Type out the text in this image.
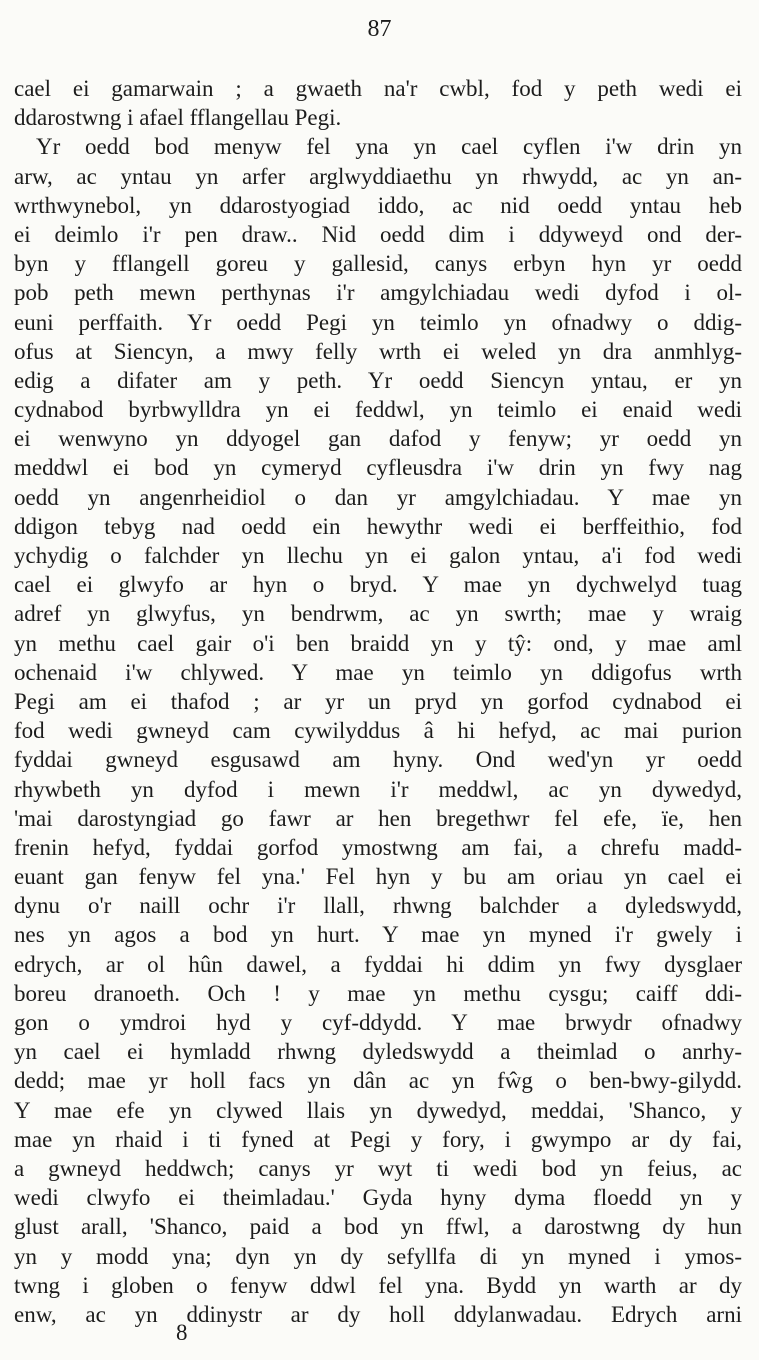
87
cael ei gamarwain ; a gwaeth na'r cwbl, fod y peth wedi ei
ddarostwng i afael fflangellau Pegi.
Yr oedd bod menyw fel yna yn cael cyflen i'w drin yn
arw, ac yntau yn arfer arglwyddiaethu yn rhwydd, ac yn an-
wrthwynebol, yn ddarostyogiad iddo, ac nid oedd yntau heb
ei deimlo i'r pen draw.. Nid oedd dim i ddyweyd ond der-
byn y fflangell goreu y gallesid, canys erbyn hyn yr oedd
pob peth mewn perthynas i'r amgylchiadau wedi dyfod i ol-
euni perffaith. Yr oedd Pegi yn teimlo yn ofnadwy o ddig-
ofus at Siencyn, a mwy felly wrth ei weled yn dra anmhlyg-
edig a difater am y peth. Yr oedd Siencyn yntau, er yn
cydnabod byrbwylldra yn ei feddwl, yn teimlo ei enaid wedi
ei wenwyno yn ddyogel gan dafod y fenyw; yr oedd yn
meddwl ei bod yn cymeryd cyfleusdra i'w drin yn fwy nag
oedd yn angenrheidiol o dan yr amgylchiadau. Y mae yn
ddigon tebyg nad oedd ein hewythr wedi ei berffeithio, fod
ychydig o falchder yn llechu yn ei galon yntau, a'i fod wedi
cael ei glwyfo ar hyn o bryd. Y mae yn dychwelyd tuag
adref yn glwyfus, yn bendrwm, ac yn swrth; mae y wraig
yn methu cael gair o'i ben braidd yn y tŷ: ond, y mae aml
ochenaid i'w chlywed. Y mae yn teimlo yn ddigofus wrth
Pegi am ei thafod ; ar yr un pryd yn gorfod cydnabod ei
fod wedi gwneyd cam cywilyddus â hi hefyd, ac mai purion
fyddai gwneyd esgusawd am hyny. Ond wed'yn yr oedd
rhywbeth yn dyfod i mewn i'r meddwl, ac yn dywedyd,
'mai darostyngiad go fawr ar hen bregethwr fel efe, ïe, hen
frenin hefyd, fyddai gorfod ymostwng am fai, a chrefu madd-
euant gan fenyw fel yna.' Fel hyn y bu am oriau yn cael ei
dynu o'r naill ochr i'r llall, rhwng balchder a dyledswydd,
nes yn agos a bod yn hurt. Y mae yn myned i'r gwely i
edrych, ar ol hûn dawel, a fyddai hi ddim yn fwy dysglaer
boreu dranoeth. Och ! y mae yn methu cysgu; caiff ddi-
gon o ymdroi hyd y cyf-ddydd. Y mae brwydr ofnadwy
yn cael ei hymladd rhwng dyledswydd a theimlad o anrhy-
dedd; mae yr holl facs yn dân ac yn fŵg o ben-bwy-gilydd.
Y mae efe yn clywed llais yn dywedyd, meddai, 'Shanco, y
mae yn rhaid i ti fyned at Pegi y fory, i gwympo ar dy fai,
a gwneyd heddwch; canys yr wyt ti wedi bod yn feius, ac
wedi clwyfo ei theimladau.' Gyda hyny dyma floedd yn y
glust arall, 'Shanco, paid a bod yn ffwl, a darostwng dy hun
yn y modd yna; dyn yn dy sefyllfa di yn myned i ymos-
twng i globen o fenyw ddwl fel yna. Bydd yn warth ar dy
enw, ac yn ddinystr ar dy holl ddylanwadau. Edrych arni
8
